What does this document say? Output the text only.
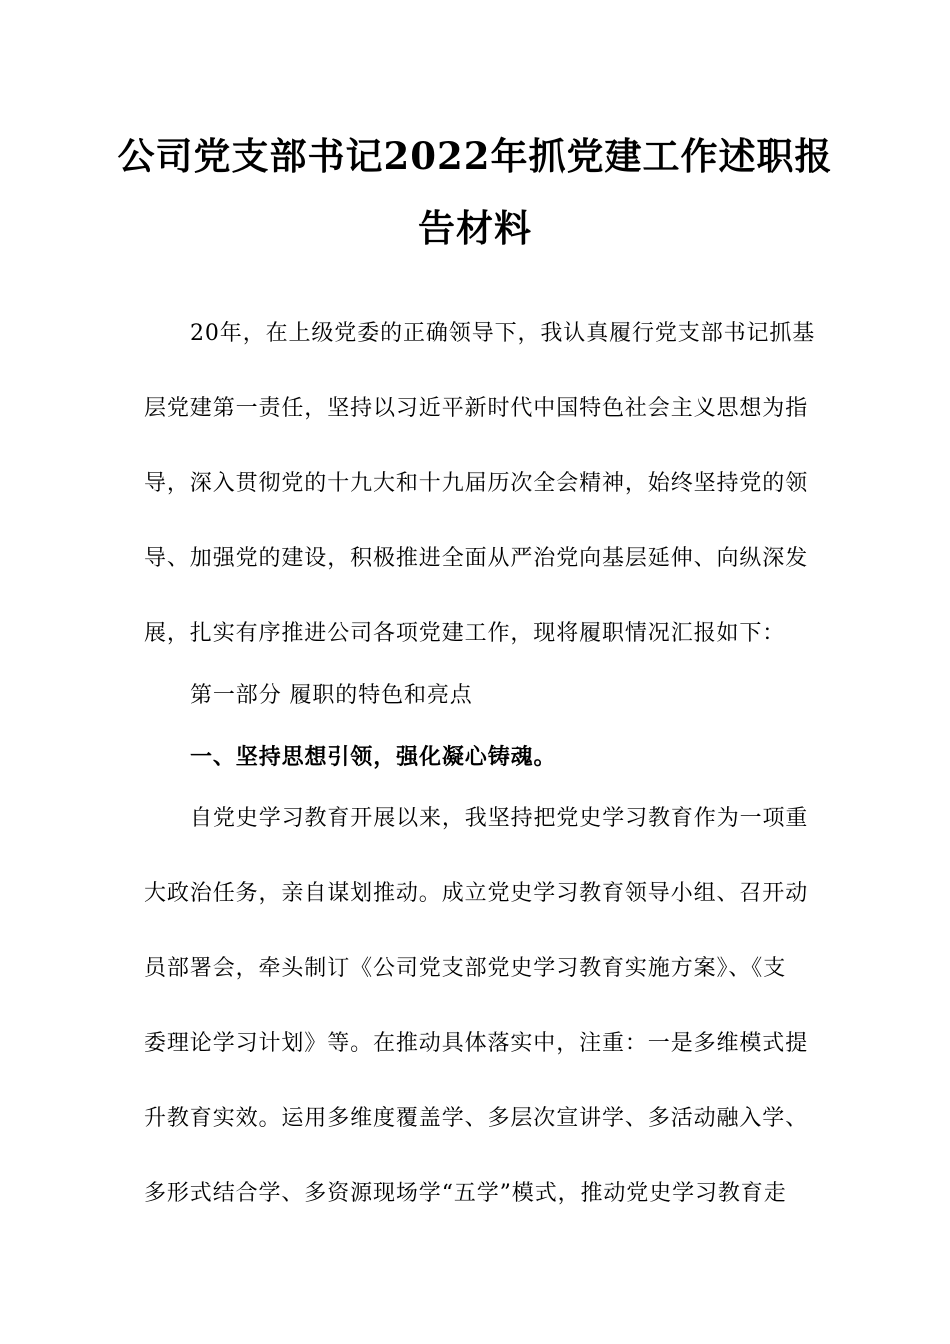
公司党支部书记2022年抓党建工作述职报
告材料
20年，在上级党委的正确领导下，我认真履行党支部书记抓基
层党建第一责任，坚持以习近平新时代中国特色社会主义思想为指
导，深入贯彻党的十九大和十九届历次全会精神，始终坚持党的领
导、加强党的建设，积极推进全面从严治党向基层延伸、向纵深发
展，扎实有序推进公司各项党建工作，现将履职情况汇报如下：
第一部分 履职的特色和亮点
一、坚持思想引领，强化凝心铸魂。
自党史学习教育开展以来，我坚持把党史学习教育作为一项重
大政治任务，亲自谋划推动。成立党史学习教育领导小组、召开动
员部署会，牵头制订《公司党支部党史学习教育实施方案》、《支
委理论学习计划》等。在推动具体落实中，注重：一是多维模式提
升教育实效。运用多维度覆盖学、多层次宣讲学、多活动融入学、
多形式结合学、多资源现场学“五学”模式，推动党史学习教育走
